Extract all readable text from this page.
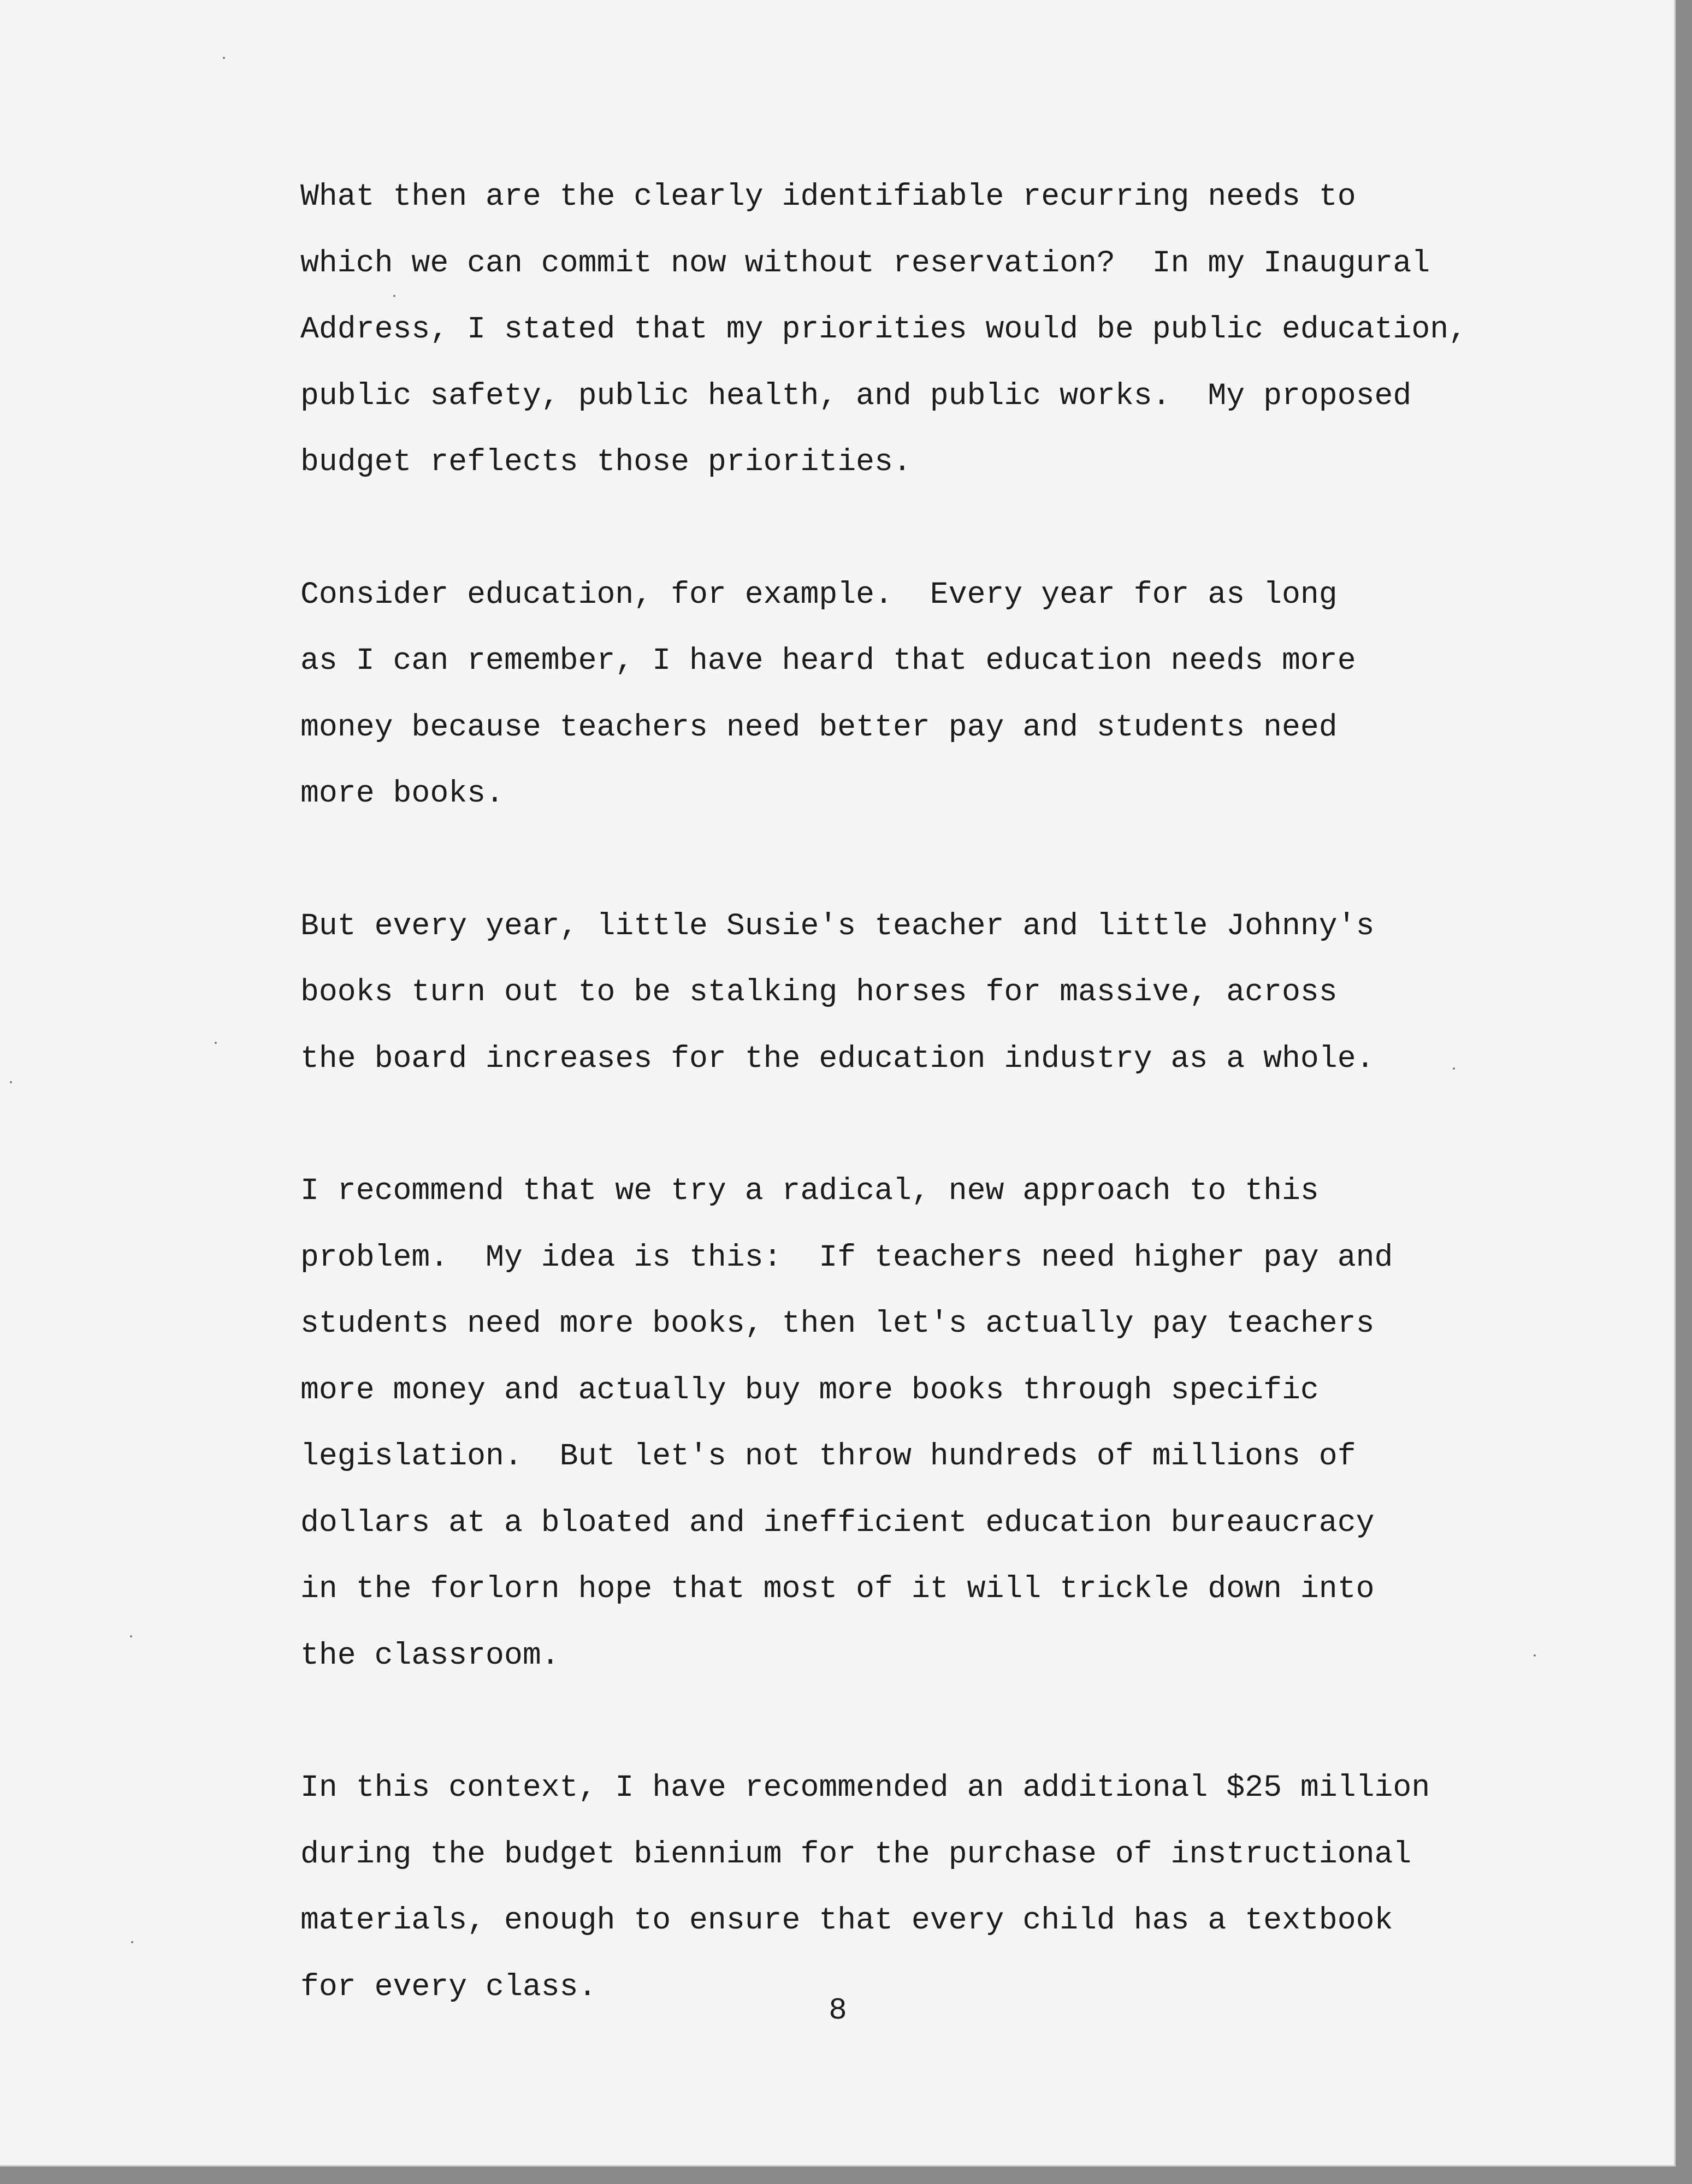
What then are the clearly identifiable recurring needs to
which we can commit now without reservation?  In my Inaugural
Address, I stated that my priorities would be public education,
public safety, public health, and public works.  My proposed
budget reflects those priorities.
Consider education, for example.  Every year for as long
as I can remember, I have heard that education needs more
money because teachers need better pay and students need
more books.
But every year, little Susie's teacher and little Johnny's
books turn out to be stalking horses for massive, across
the board increases for the education industry as a whole.
I recommend that we try a radical, new approach to this
problem.  My idea is this:  If teachers need higher pay and
students need more books, then let's actually pay teachers
more money and actually buy more books through specific
legislation.  But let's not throw hundreds of millions of
dollars at a bloated and inefficient education bureaucracy
in the forlorn hope that most of it will trickle down into
the classroom.
In this context, I have recommended an additional $25 million
during the budget biennium for the purchase of instructional
materials, enough to ensure that every child has a textbook
for every class.
8
